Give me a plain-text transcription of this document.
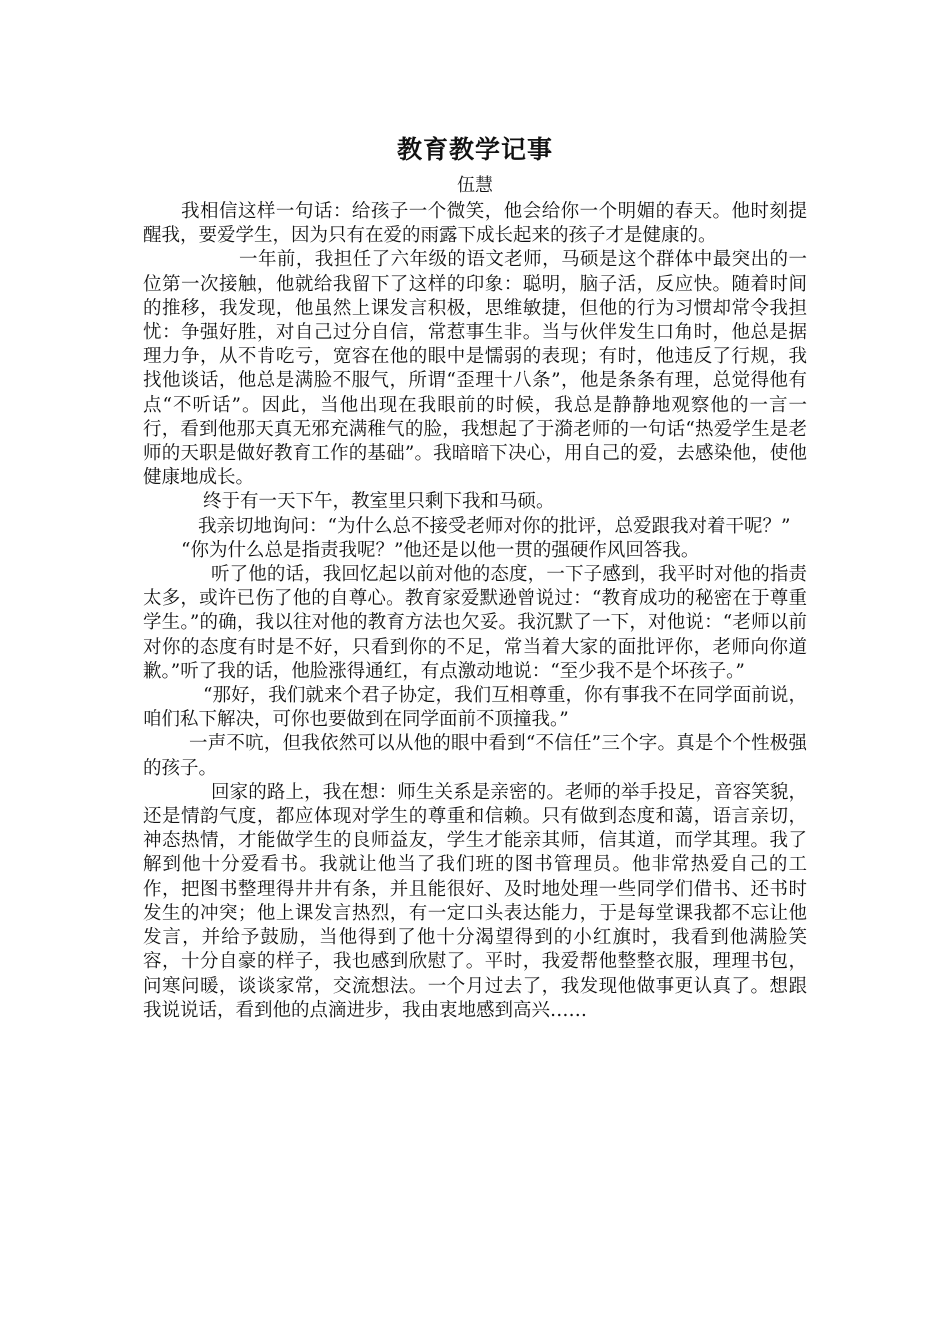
教育教学记事
伍慧

我相信这样一句话：给孩子一个微笑，他会给你一个明媚的春天。他时刻提醒我，要爱学生，因为只有在爱的雨露下成长起来的孩子才是健康的。

一年前，我担任了六年级的语文老师，马硕是这个群体中最突出的一位第一次接触，他就给我留下了这样的印象：聪明，脑子活，反应快。随着时间的推移，我发现，他虽然上课发言积极，思维敏捷，但他的行为习惯却常令我担忧：争强好胜，对自己过分自信，常惹事生非。当与伙伴发生口角时，他总是据理力争，从不肯吃亏，宽容在他的眼中是懦弱的表现；有时，他违反了行规，我找他谈话，他总是满脸不服气，所谓“歪理十八条”，他是条条有理，总觉得他有点“不听话”。因此，当他出现在我眼前的时候，我总是静静地观察他的一言一行，看到他那天真无邪充满稚气的脸，我想起了于漪老师的一句话“热爱学生是老师的天职是做好教育工作的基础”。我暗暗下决心，用自己的爱，去感染他，使他健康地成长。

终于有一天下午，教室里只剩下我和马硕。

我亲切地询问：“为什么总不接受老师对你的批评，总爱跟我对着干呢？”

“你为什么总是指责我呢？”他还是以他一贯的强硬作风回答我。

听了他的话，我回忆起以前对他的态度，一下子感到，我平时对他的指责太多，或许已伤了他的自尊心。教育家爱默逊曾说过：“教育成功的秘密在于尊重学生。”的确，我以往对他的教育方法也欠妥。我沉默了一下，对他说：“老师以前对你的态度有时是不好，只看到你的不足，常当着大家的面批评你，老师向你道歉。”听了我的话，他脸涨得通红，有点激动地说：“至少我不是个坏孩子。”

“那好，我们就来个君子协定，我们互相尊重，你有事我不在同学面前说，咱们私下解决，可你也要做到在同学面前不顶撞我。”

一声不吭，但我依然可以从他的眼中看到“不信任”三个字。真是个个性极强的孩子。

回家的路上，我在想：师生关系是亲密的。老师的举手投足，音容笑貌，还是情韵气度，都应体现对学生的尊重和信赖。只有做到态度和蔼，语言亲切，神态热情，才能做学生的良师益友，学生才能亲其师，信其道，而学其理。我了解到他十分爱看书。我就让他当了我们班的图书管理员。他非常热爱自己的工作，把图书整理得井井有条，并且能很好、及时地处理一些同学们借书、还书时发生的冲突；他上课发言热烈，有一定口头表达能力，于是每堂课我都不忘让他发言，并给予鼓励，当他得到了他十分渴望得到的小红旗时，我看到他满脸笑容，十分自豪的样子，我也感到欣慰了。平时，我爱帮他整整衣服，理理书包，问寒问暖，谈谈家常，交流想法。一个月过去了，我发现他做事更认真了。想跟我说说话，看到他的点滴进步，我由衷地感到高兴……
